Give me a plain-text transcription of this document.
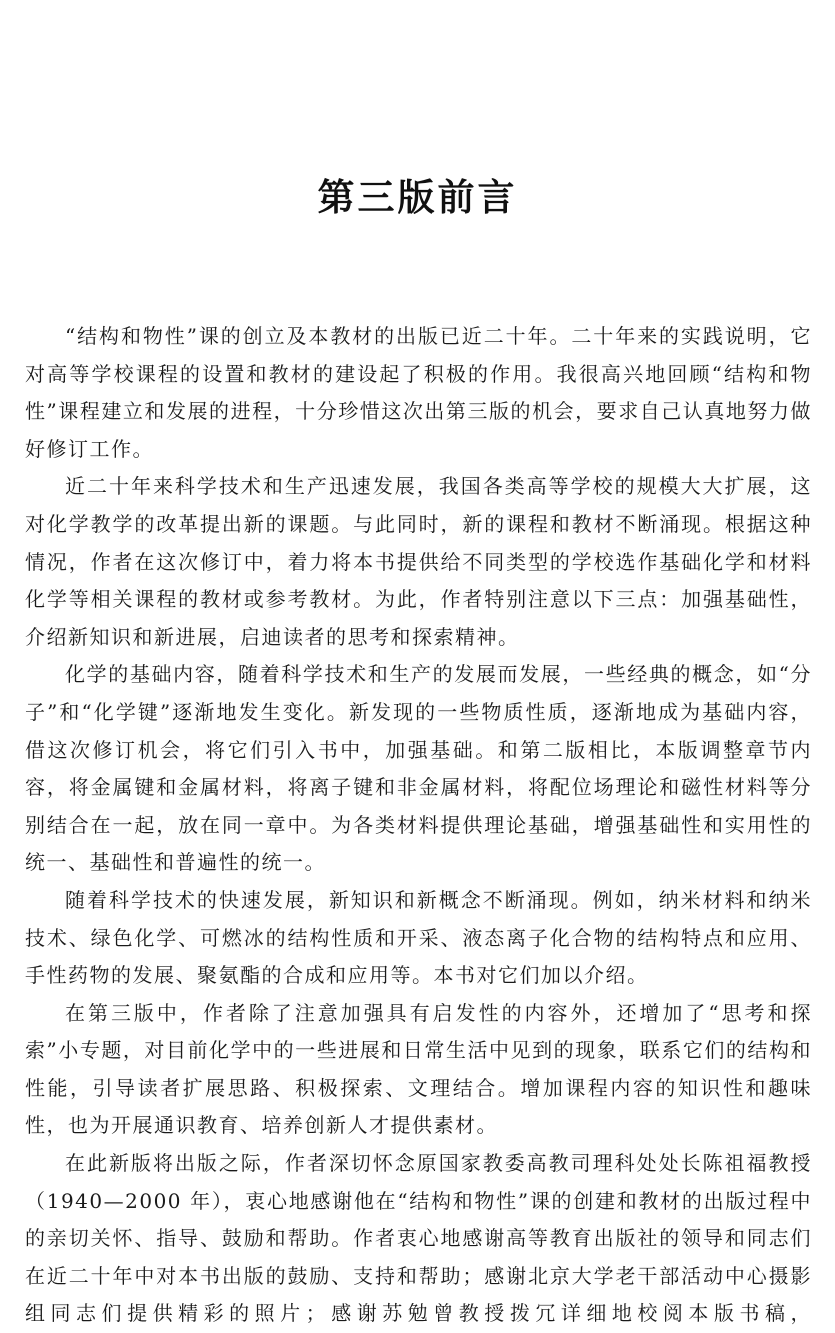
第三版前言

“结构和物性”课的创立及本教材的出版已近二十年。二十年来的实践说明，它对高等学校课程的设置和教材的建设起了积极的作用。我很高兴地回顾“结构和物性”课程建立和发展的进程，十分珍惜这次出第三版的机会，要求自己认真地努力做好修订工作。

近二十年来科学技术和生产迅速发展，我国各类高等学校的规模大大扩展，这对化学教学的改革提出新的课题。与此同时，新的课程和教材不断涌现。根据这种情况，作者在这次修订中，着力将本书提供给不同类型的学校选作基础化学和材料化学等相关课程的教材或参考教材。为此，作者特别注意以下三点：加强基础性，介绍新知识和新进展，启迪读者的思考和探索精神。

化学的基础内容，随着科学技术和生产的发展而发展，一些经典的概念，如“分子”和“化学键”逐渐地发生变化。新发现的一些物质性质，逐渐地成为基础内容，借这次修订机会，将它们引入书中，加强基础。和第二版相比，本版调整章节内容，将金属键和金属材料，将离子键和非金属材料，将配位场理论和磁性材料等分别结合在一起，放在同一章中。为各类材料提供理论基础，增强基础性和实用性的统一、基础性和普遍性的统一。

随着科学技术的快速发展，新知识和新概念不断涌现。例如，纳米材料和纳米技术、绿色化学、可燃冰的结构性质和开采、液态离子化合物的结构特点和应用、手性药物的发展、聚氨酯的合成和应用等。本书对它们加以介绍。

在第三版中，作者除了注意加强具有启发性的内容外，还增加了“思考和探索”小专题，对目前化学中的一些进展和日常生活中见到的现象，联系它们的结构和性能，引导读者扩展思路、积极探索、文理结合。增加课程内容的知识性和趣味性，也为开展通识教育、培养创新人才提供素材。

在此新版将出版之际，作者深切怀念原国家教委高教司理科处处长陈祖福教授（1940—2000 年），衷心地感谢他在“结构和物性”课的创建和教材的出版过程中的亲切关怀、指导、鼓励和帮助。作者衷心地感谢高等教育出版社的领导和同志们在近二十年中对本书出版的鼓励、支持和帮助；感谢北京大学老干部活动中心摄影组同志们提供精彩的照片；感谢苏勉曾教授拨冗详细地校阅本版书稿，
